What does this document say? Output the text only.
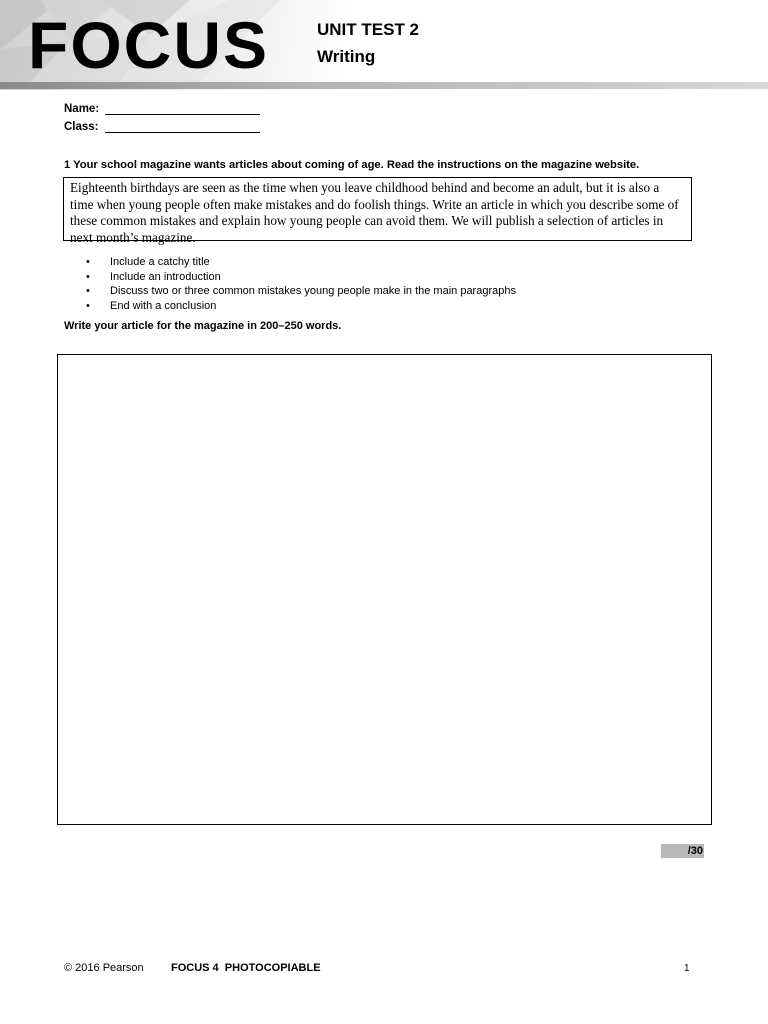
FOCUS	UNIT TEST 2
Writing
Name:
Class:
1 Your school magazine wants articles about coming of age. Read the instructions on the magazine website.
Eighteenth birthdays are seen as the time when you leave childhood behind and become an adult, but it is also a time when young people often make mistakes and do foolish things. Write an article in which you describe some of these common mistakes and explain how young people can avoid them. We will publish a selection of articles in next month’s magazine.
• Include a catchy title
• Include an introduction
• Discuss two or three common mistakes young people make in the main paragraphs
• End with a conclusion
Write your article for the magazine in 200–250 words.
/30
© 2016 Pearson FOCUS 4  PHOTOCOPIABLE	1
